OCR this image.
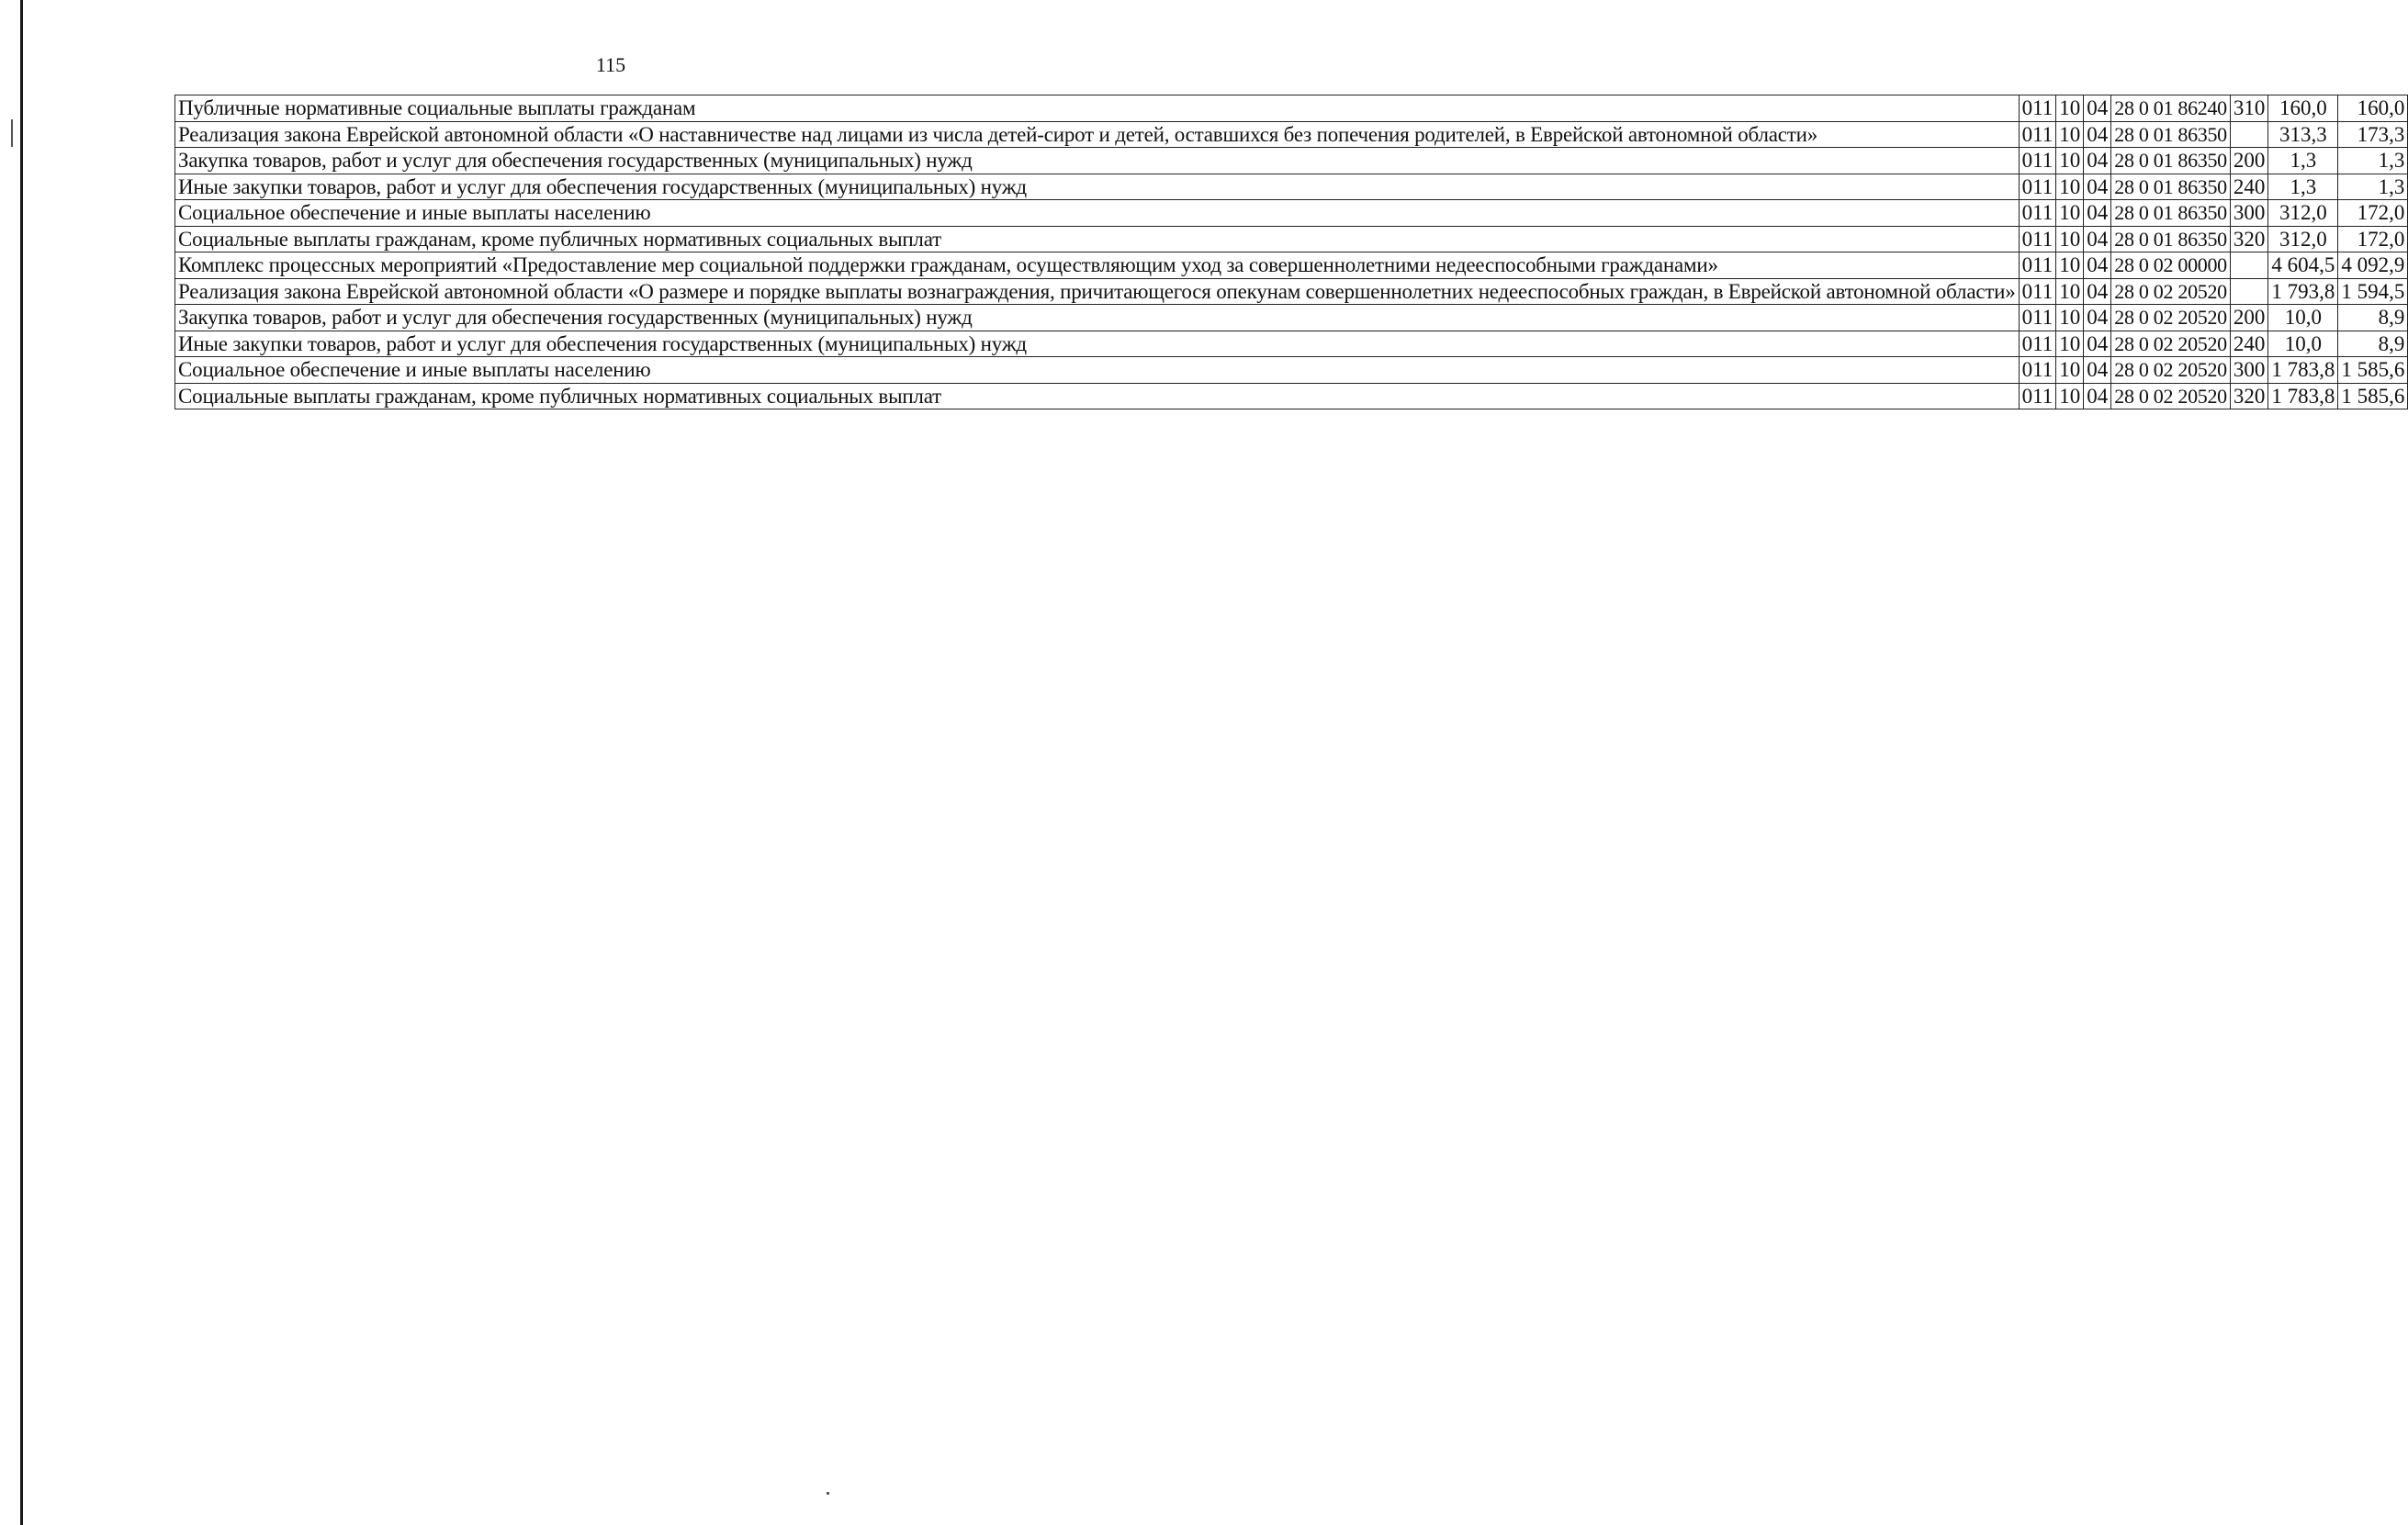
115
Публичные нормативные социальные выплаты гражданам	011	10	04	28 0 01 86240	310	160,0	160,0
Реализация закона Еврейской автономной области «О наставничестве над лицами из числа детей-сирот и детей, оставшихся без попечения родителей, в Еврейской автономной области»	011	10	04	28 0 01 86350		313,3	173,3
Закупка товаров, работ и услуг для обеспечения государственных (муниципальных) нужд	011	10	04	28 0 01 86350	200	1,3	1,3
Иные закупки товаров, работ и услуг для обеспечения государственных (муниципальных) нужд	011	10	04	28 0 01 86350	240	1,3	1,3
Социальное обеспечение и иные выплаты населению	011	10	04	28 0 01 86350	300	312,0	172,0
Социальные выплаты гражданам, кроме публичных нормативных социальных выплат	011	10	04	28 0 01 86350	320	312,0	172,0
Комплекс процессных мероприятий «Предоставление мер социальной поддержки гражданам, осуществляющим уход за совершеннолетними недееспособными гражданами»	011	10	04	28 0 02 00000		4 604,5	4 092,9
Реализация закона Еврейской автономной области «О размере и порядке выплаты вознаграждения, причитающегося опекунам совершеннолетних недееспособных граждан, в Еврейской автономной области»	011	10	04	28 0 02 20520		1 793,8	1 594,5
Закупка товаров, работ и услуг для обеспечения государственных (муниципальных) нужд	011	10	04	28 0 02 20520	200	10,0	8,9
Иные закупки товаров, работ и услуг для обеспечения государственных (муниципальных) нужд	011	10	04	28 0 02 20520	240	10,0	8,9
Социальное обеспечение и иные выплаты населению	011	10	04	28 0 02 20520	300	1 783,8	1 585,6
Социальные выплаты гражданам, кроме публичных нормативных социальных выплат	011	10	04	28 0 02 20520	320	1 783,8	1 585,6
